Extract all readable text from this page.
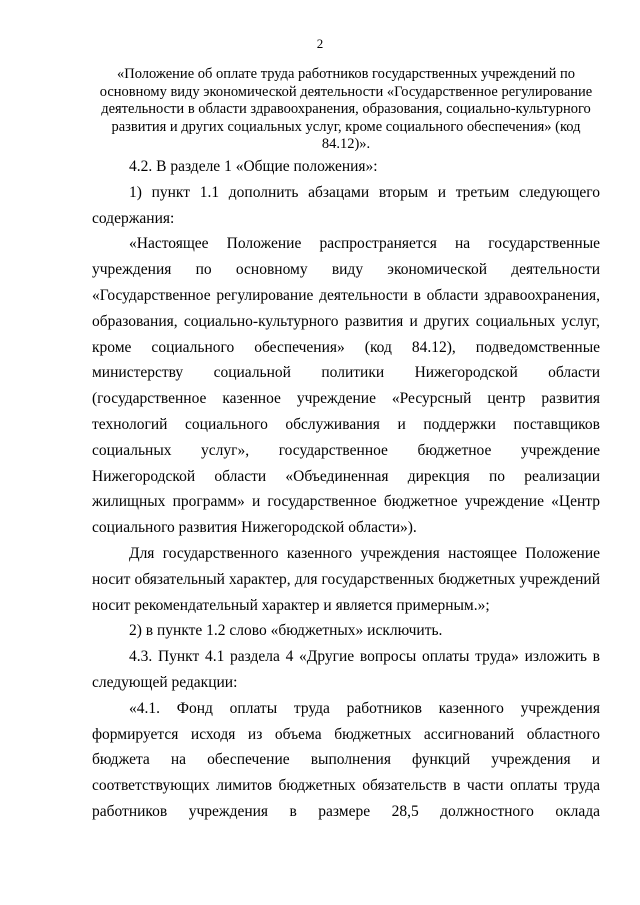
2
«Положение об оплате труда работников государственных учреждений по основному виду экономической деятельности «Государственное регулирование деятельности в области здравоохранения, образования, социально-культурного развития и других социальных услуг, кроме социального обеспечения» (код 84.12)».

4.2. В разделе 1 «Общие положения»:

1) пункт 1.1 дополнить абзацами вторым и третьим следующего содержания:

«Настоящее Положение распространяется на государственные учреждения по основному виду экономической деятельности «Государственное регулирование деятельности в области здравоохранения, образования, социально-культурного развития и других социальных услуг, кроме социального обеспечения» (код 84.12), подведомственные министерству социальной политики Нижегородской области (государственное казенное учреждение «Ресурсный центр развития технологий социального обслуживания и поддержки поставщиков социальных услуг», государственное бюджетное учреждение Нижегородской области «Объединенная дирекция по реализации жилищных программ» и государственное бюджетное учреждение «Центр социального развития Нижегородской области»).

Для государственного казенного учреждения настоящее Положение носит обязательный характер, для государственных бюджетных учреждений носит рекомендательный характер и является примерным.»;

2) в пункте 1.2 слово «бюджетных» исключить.

4.3. Пункт 4.1 раздела 4 «Другие вопросы оплаты труда» изложить в следующей редакции:

«4.1. Фонд оплаты труда работников казенного учреждения формируется исходя из объема бюджетных ассигнований областного бюджета на обеспечение выполнения функций учреждения и соответствующих лимитов бюджетных обязательств в части оплаты труда работников учреждения в размере 28,5 должностного оклада
